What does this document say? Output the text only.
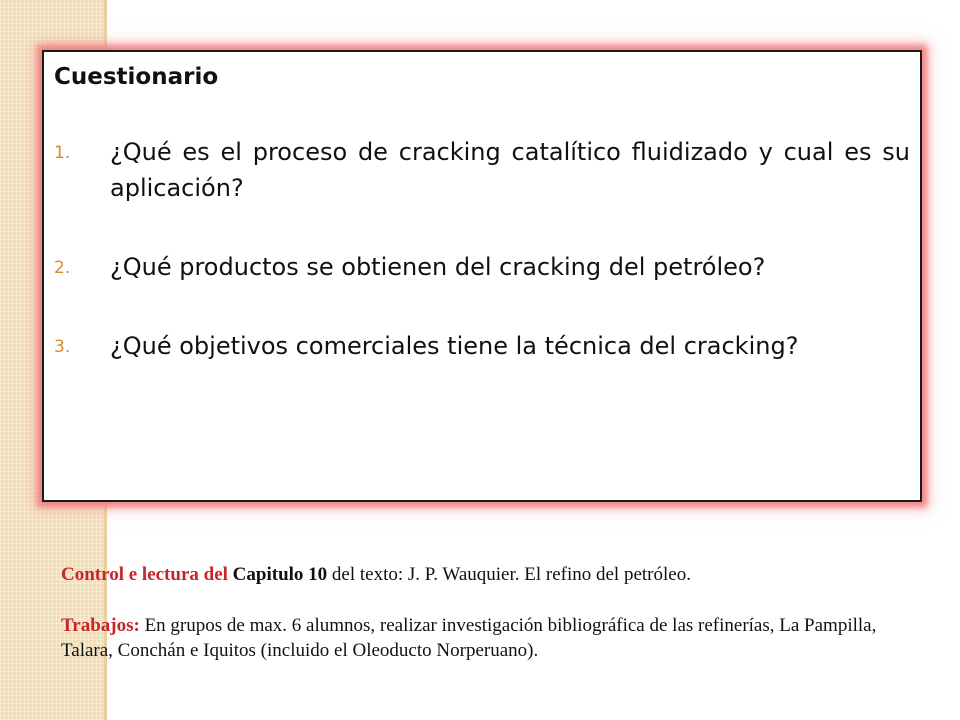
Cuestionario
1.	¿Qué es el proceso de cracking catalítico fluidizado y cual es su aplicación?
2.	¿Qué productos se obtienen del cracking del petróleo?
3.	¿Qué objetivos comerciales tiene la técnica del cracking?

Control e lectura del Capitulo 10 del texto: J. P. Wauquier. El refino del petróleo.

Trabajos: En grupos de max. 6 alumnos, realizar investigación bibliográfica de las refinerías, La Pampilla, Talara, Conchán e Iquitos (incluido el Oleoducto Norperuano).
